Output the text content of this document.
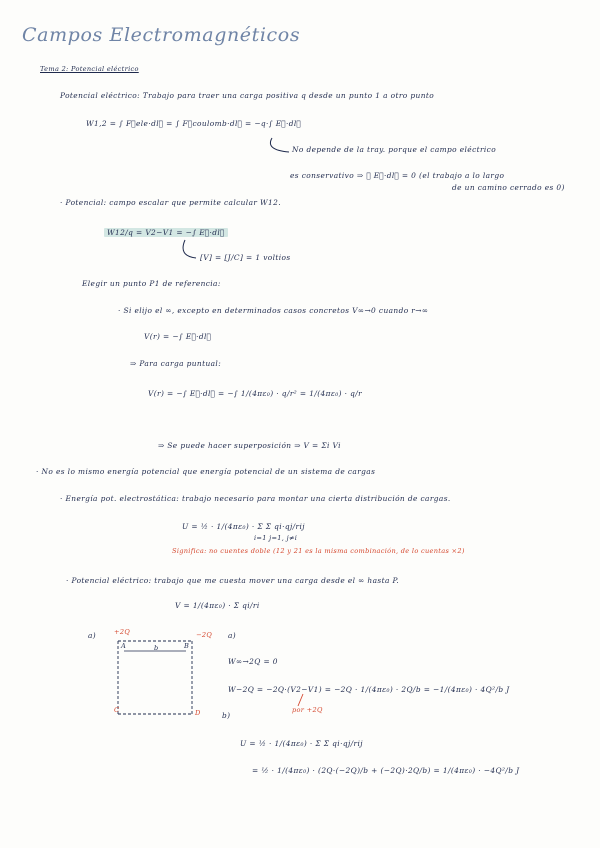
Campos Electromagnéticos
Tema 2: Potencial eléctrico
Potencial eléctrico: Trabajo para traer una carga positiva q desde un punto 1 a otro punto
W1,2 = ∫ F⃗ele·dl⃗ = ∫ F⃗coulomb·dl⃗ = −q·∫ E⃗·dl⃗
No depende de la tray. porque el campo eléctrico
es conservativo ⇒ ∮ E⃗·dl⃗ = 0 (el trabajo a lo largo
de un camino cerrado es 0)
· Potencial: campo escalar que permite calcular W12.
W12/q = V2−V1 = −∫ E⃗·dl⃗
[V] = [J/C] = 1 voltios
Elegir un punto P1 de referencia:
· Si elijo el ∞, excepto en determinados casos concretos V∞→0 cuando r→∞
V(r) = −∫ E⃗·dl⃗
⇒ Para carga puntual:
V(r) = −∫ E⃗·dl⃗ = −∫ 1/(4πε₀) · q/r² = 1/(4πε₀) · q/r
⇒ Se puede hacer superposición ⇒ V = Σi Vi
· No es lo mismo energía potencial que energía potencial de un sistema de cargas
· Energía pot. electrostática: trabajo necesario para montar una cierta distribución de cargas.
U = ½ · 1/(4πε₀) · Σ Σ qi·qj/rij
i=1 j=1, j≠i
Significa: no cuentes doble (12 y 21 es la misma combinación, de lo cuentas ×2)
· Potencial eléctrico: trabajo que me cuesta mover una carga desde el ∞ hasta P.
V = 1/(4πε₀) · Σ qi/ri
a)	+2Q	−2Q
A	B
C	D
b
a)
W∞→2Q = 0
W−2Q = −2Q·(V2−V1) = −2Q · 1/(4πε₀) · 2Q/b = −1/(4πε₀) · 4Q²/b J
por +2Q
b)
U = ½ · 1/(4πε₀) · Σ Σ qi·qj/rij
= ½ · 1/(4πε₀) · (2Q·(−2Q)/b + (−2Q)·2Q/b) = 1/(4πε₀) · −4Q²/b J
